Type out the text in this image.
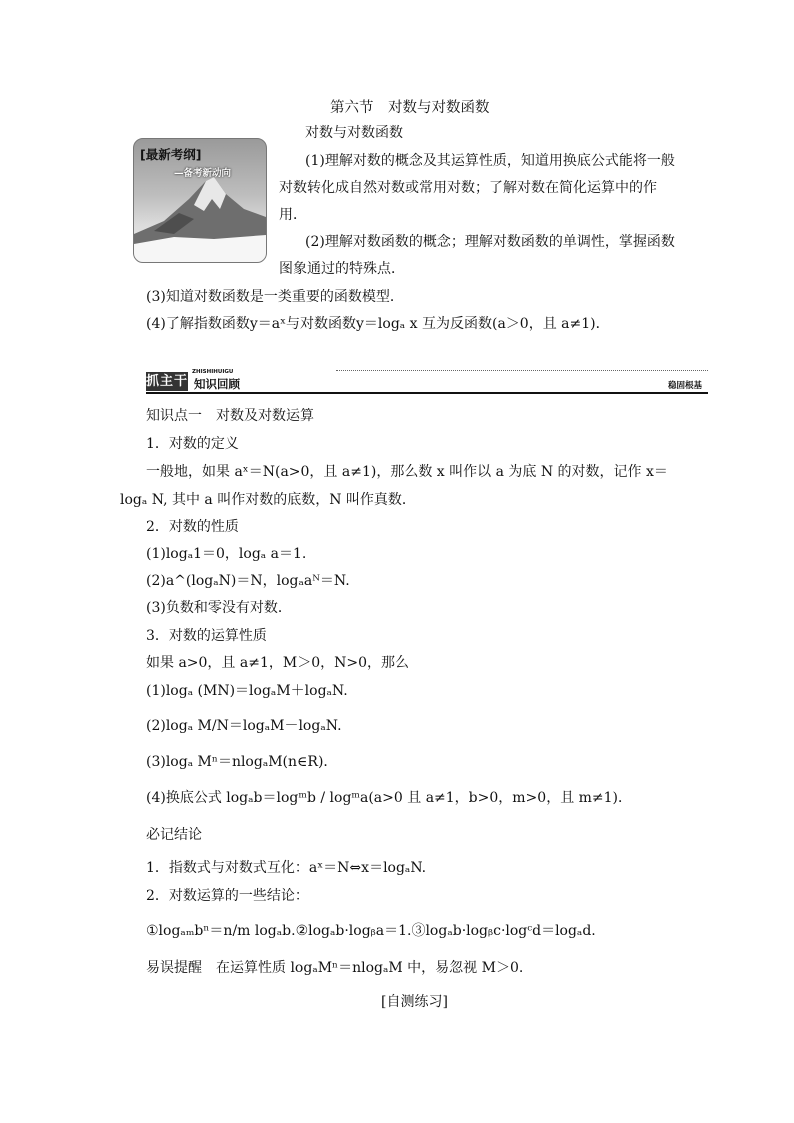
第六节　对数与对数函数
对数与对数函数
[最新考纲]
—备考新动向
(1)理解对数的概念及其运算性质，知道用换底公式能将一般
对数转化成自然对数或常用对数；了解对数在简化运算中的作
用．
(2)理解对数函数的概念；理解对数函数的单调性，掌握函数
图象通过的特殊点．
(3)知道对数函数是一类重要的函数模型．
(4)了解指数函数y＝aˣ与对数函数y＝logₐ x 互为反函数(a＞0，且 a≠1)．
抓主干
ZHISHIHUIGU
知识回顾	稳固根基
知识点一　对数及对数运算
1．对数的定义
一般地，如果 aˣ＝N(a>0，且 a≠1)，那么数 x 叫作以 a 为底 N 的对数，记作 x＝
logₐ N, 其中 a 叫作对数的底数，N 叫作真数．
2．对数的性质
(1)logₐ1＝0，logₐ a＝1.
(2)a^(logₐN)＝N，logₐaᴺ＝N.
(3)负数和零没有对数．
3．对数的运算性质
如果 a>0，且 a≠1，M＞0，N>0，那么
(1)logₐ (MN)＝logₐM＋logₐN.
(2)logₐ M/N＝logₐM－logₐN.
(3)logₐ Mⁿ＝nlogₐM(n∈R)．
(4)换底公式 logₐb＝logᵐb / logᵐa(a>0 且 a≠1，b>0，m>0，且 m≠1)．
必记结论
1．指数式与对数式互化：aˣ＝N⇔x＝logₐN.
2．对数运算的一些结论：
①logₐₘbⁿ＝n/m logₐb.②logₐb·logᵦa＝1.③logₐb·logᵦc·logᶜd＝logₐd.
易误提醒　在运算性质 logₐMⁿ＝nlogₐM 中，易忽视 M＞0.
[自测练习]
